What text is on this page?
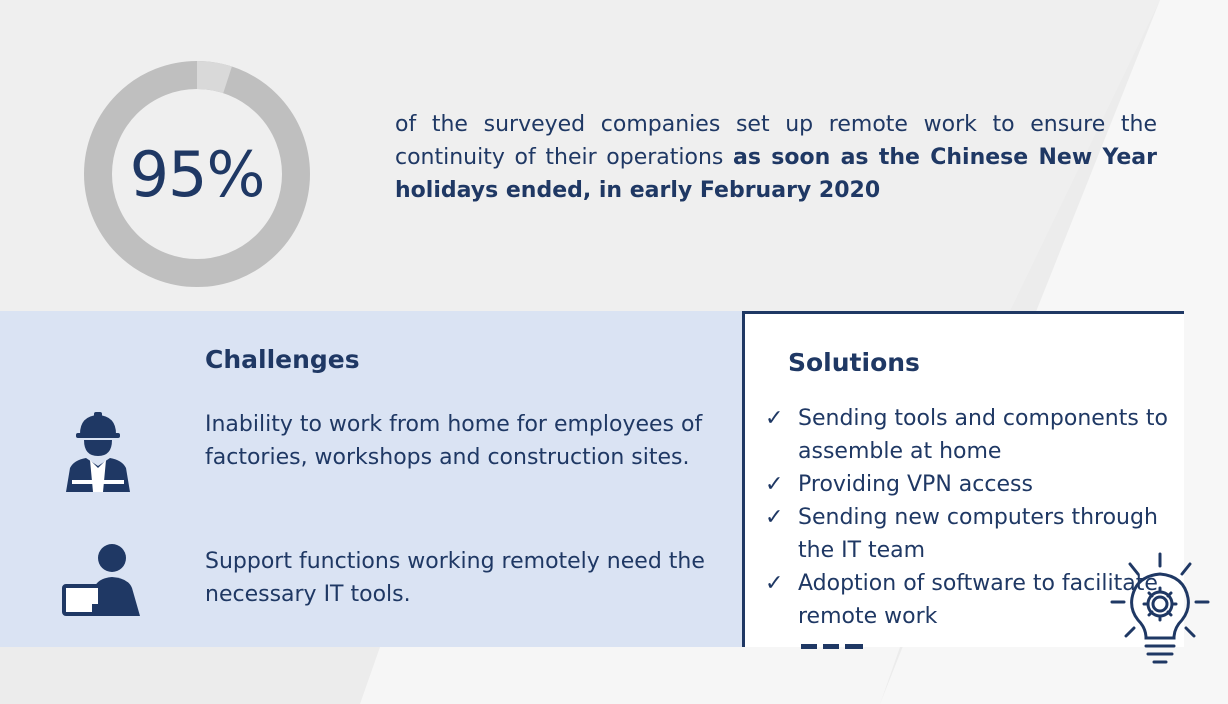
95%
of the surveyed companies set up remote work to ensure the continuity of their operations as soon as the Chinese New Year holidays ended, in early February 2020
Challenges
Inability to work from home for employees of factories, workshops and construction sites.
Support functions working remotely need the necessary IT tools.
Solutions
✓ Sending tools and components to assemble at home
✓ Providing VPN access
✓ Sending new computers through the IT team
✓ Adoption of software to facilitate remote work
